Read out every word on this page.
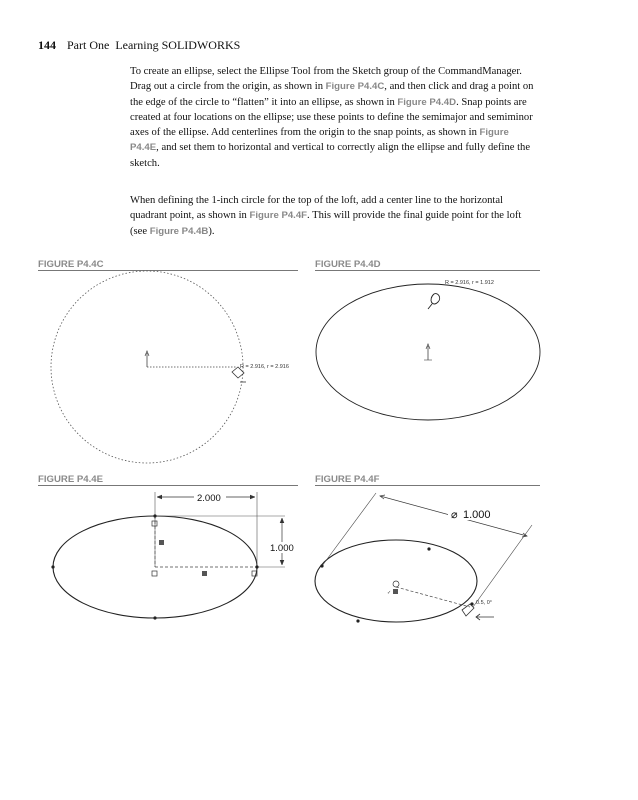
144 Part One  Learning SOLIDWORKS

To create an ellipse, select the Ellipse Tool from the Sketch group of the CommandManager. Drag out a circle from the origin, as shown in Figure P4.4C, and then click and drag a point on the edge of the circle to “flatten” it into an ellipse, as shown in Figure P4.4D. Snap points are created at four locations on the ellipse; use these points to define the semimajor and semiminor axes of the ellipse. Add centerlines from the origin to the snap points, as shown in Figure P4.4E, and set them to horizontal and vertical to correctly align the ellipse and fully define the sketch.

When defining the 1-inch circle for the top of the loft, add a center line to the horizontal quadrant point, as shown in Figure P4.4F. This will provide the final guide point for the loft (see Figure P4.4B).

FIGURE P4.4C	FIGURE P4.4D
FIGURE P4.4E	FIGURE P4.4F
R = 2.916, r = 2.916
R = 2.916, r = 1.912
2.000
1.000
⌀ 1.000
✓
0.5, 0°
